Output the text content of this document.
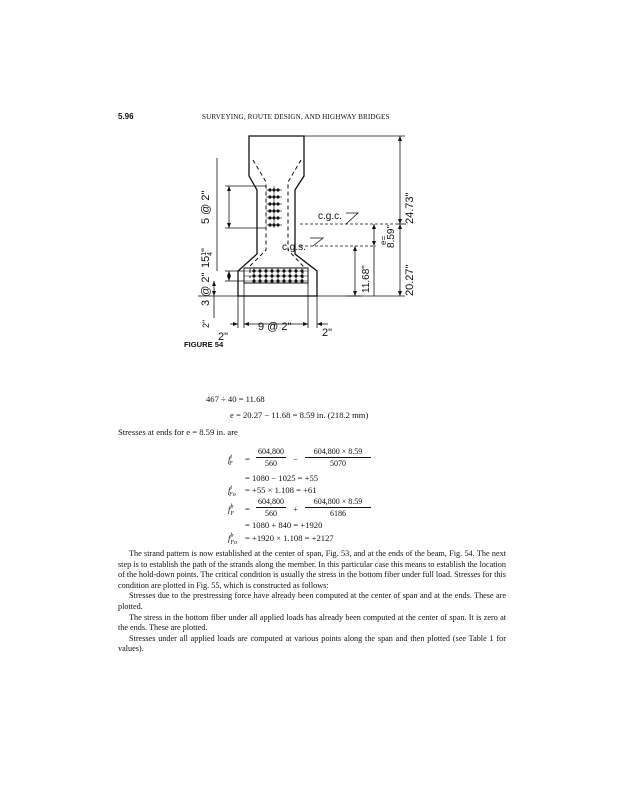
5.96	SURVEYING, ROUTE DESIGN, AND HIGHWAY BRIDGES
c.g.c.
c.g.s.
24.73"
20.27"
e=
8.59"
11.68"
5 @ 2"
$15^14$"
3 @ 2"
2"
2"
9 @ 2"	2"
FIGURE 54
467 ÷ 40 = 11.68
e = 20.27 − 11.68 = 8.59 in. (218.2 mm)
Stresses at ends for e = 8.59 in. are
$f^t_F$ =
604,800
560	−
604,800 × 8.59
5070
= 1080 − 1025 = +55
$f^t_{Fo} = +55 \times 1.108 = +61$
$f^b_F$ =
604,800
560	+
604,800 × 8.59
6186
= 1080 + 840 = +1920
$f^b_{Fo} = +1920 \times 1.108 = +2127$

The strand pattern is now established at the center of span, Fig. 53, and at the ends of the beam, Fig. 54. The next step is to establish the path of the strands along the member. In this particular case this means to establish the location of the hold-down points. The critical condition is usually the stress in the bottom fiber under full load. Stresses for this condition are plotted in Fig. 55, which is constructed as follows:

Stresses due to the prestressing force have already been computed at the center of span and at the ends. These are plotted.

The stress in the bottom fiber under all applied loads has already been computed at the center of span. It is zero at the ends. These are plotted.

Stresses under all applied loads are computed at various points along the span and then plotted (see Table 1 for values).
